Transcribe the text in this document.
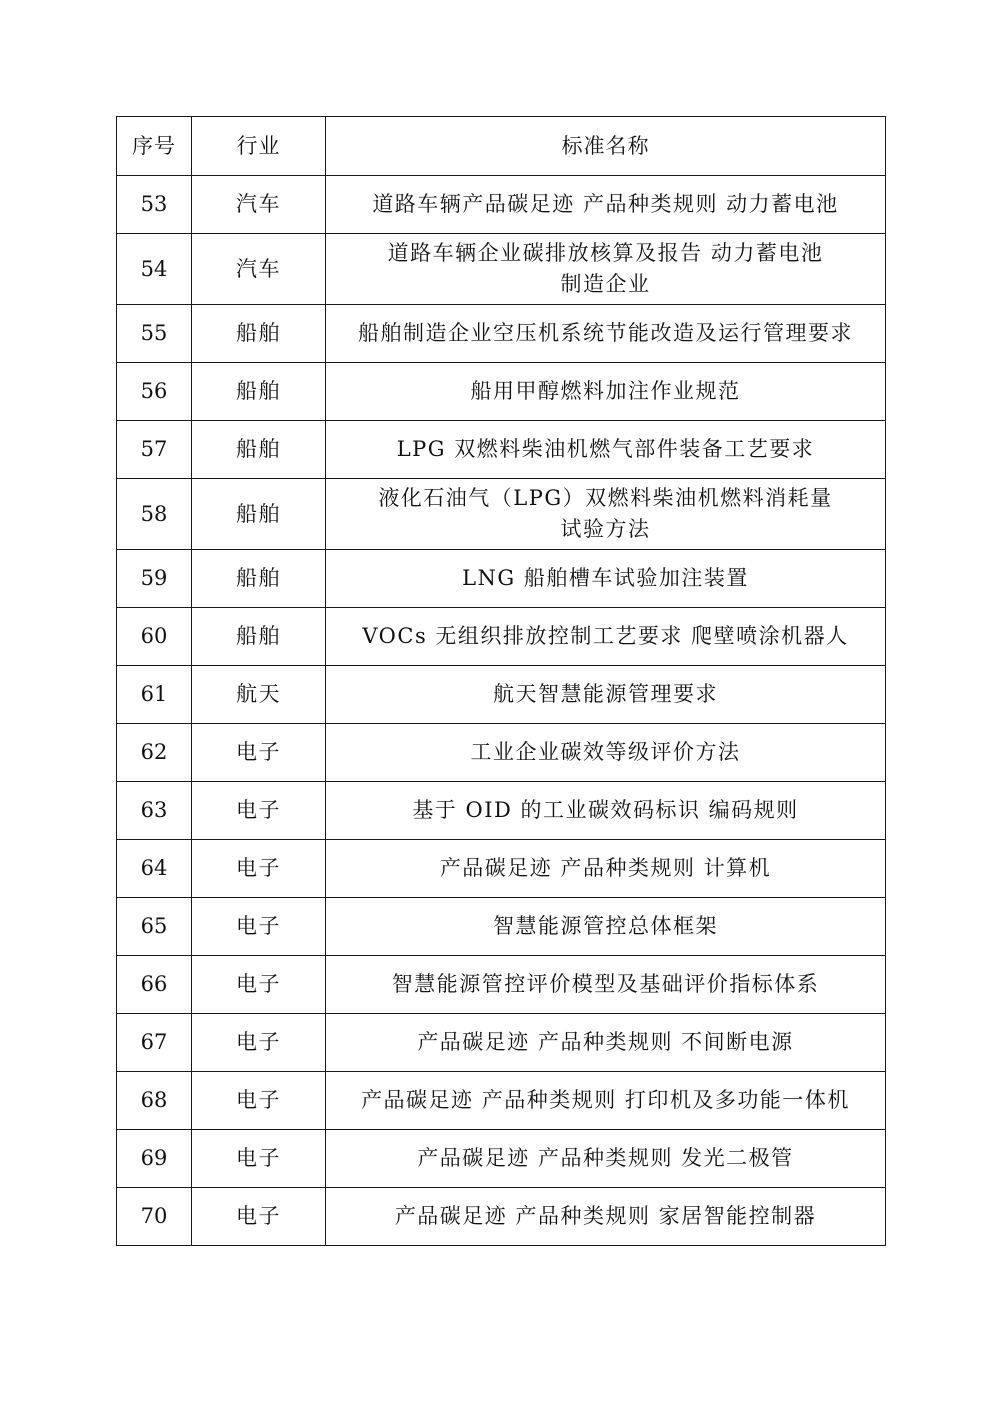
序号	行业	标准名称
53	汽车	道路车辆产品碳足迹 产品种类规则 动力蓄电池

54	汽车	道路车辆企业碳排放核算及报告 动力蓄电池
制造企业

55	船舶	船舶制造企业空压机系统节能改造及运行管理要求

56	船舶	船用甲醇燃料加注作业规范

57	船舶	LPG 双燃料柴油机燃气部件装备工艺要求

58	船舶	液化石油气（LPG）双燃料柴油机燃料消耗量
试验方法

59	船舶	LNG 船舶槽车试验加注装置

60	船舶	VOCs 无组织排放控制工艺要求 爬壁喷涂机器人

61	航天	航天智慧能源管理要求

62	电子	工业企业碳效等级评价方法

63	电子	基于 OID 的工业碳效码标识 编码规则

64	电子	产品碳足迹 产品种类规则 计算机

65	电子	智慧能源管控总体框架

66	电子	智慧能源管控评价模型及基础评价指标体系

67	电子	产品碳足迹 产品种类规则 不间断电源

68	电子	产品碳足迹 产品种类规则 打印机及多功能一体机

69	电子	产品碳足迹 产品种类规则 发光二极管

70	电子	产品碳足迹 产品种类规则 家居智能控制器
